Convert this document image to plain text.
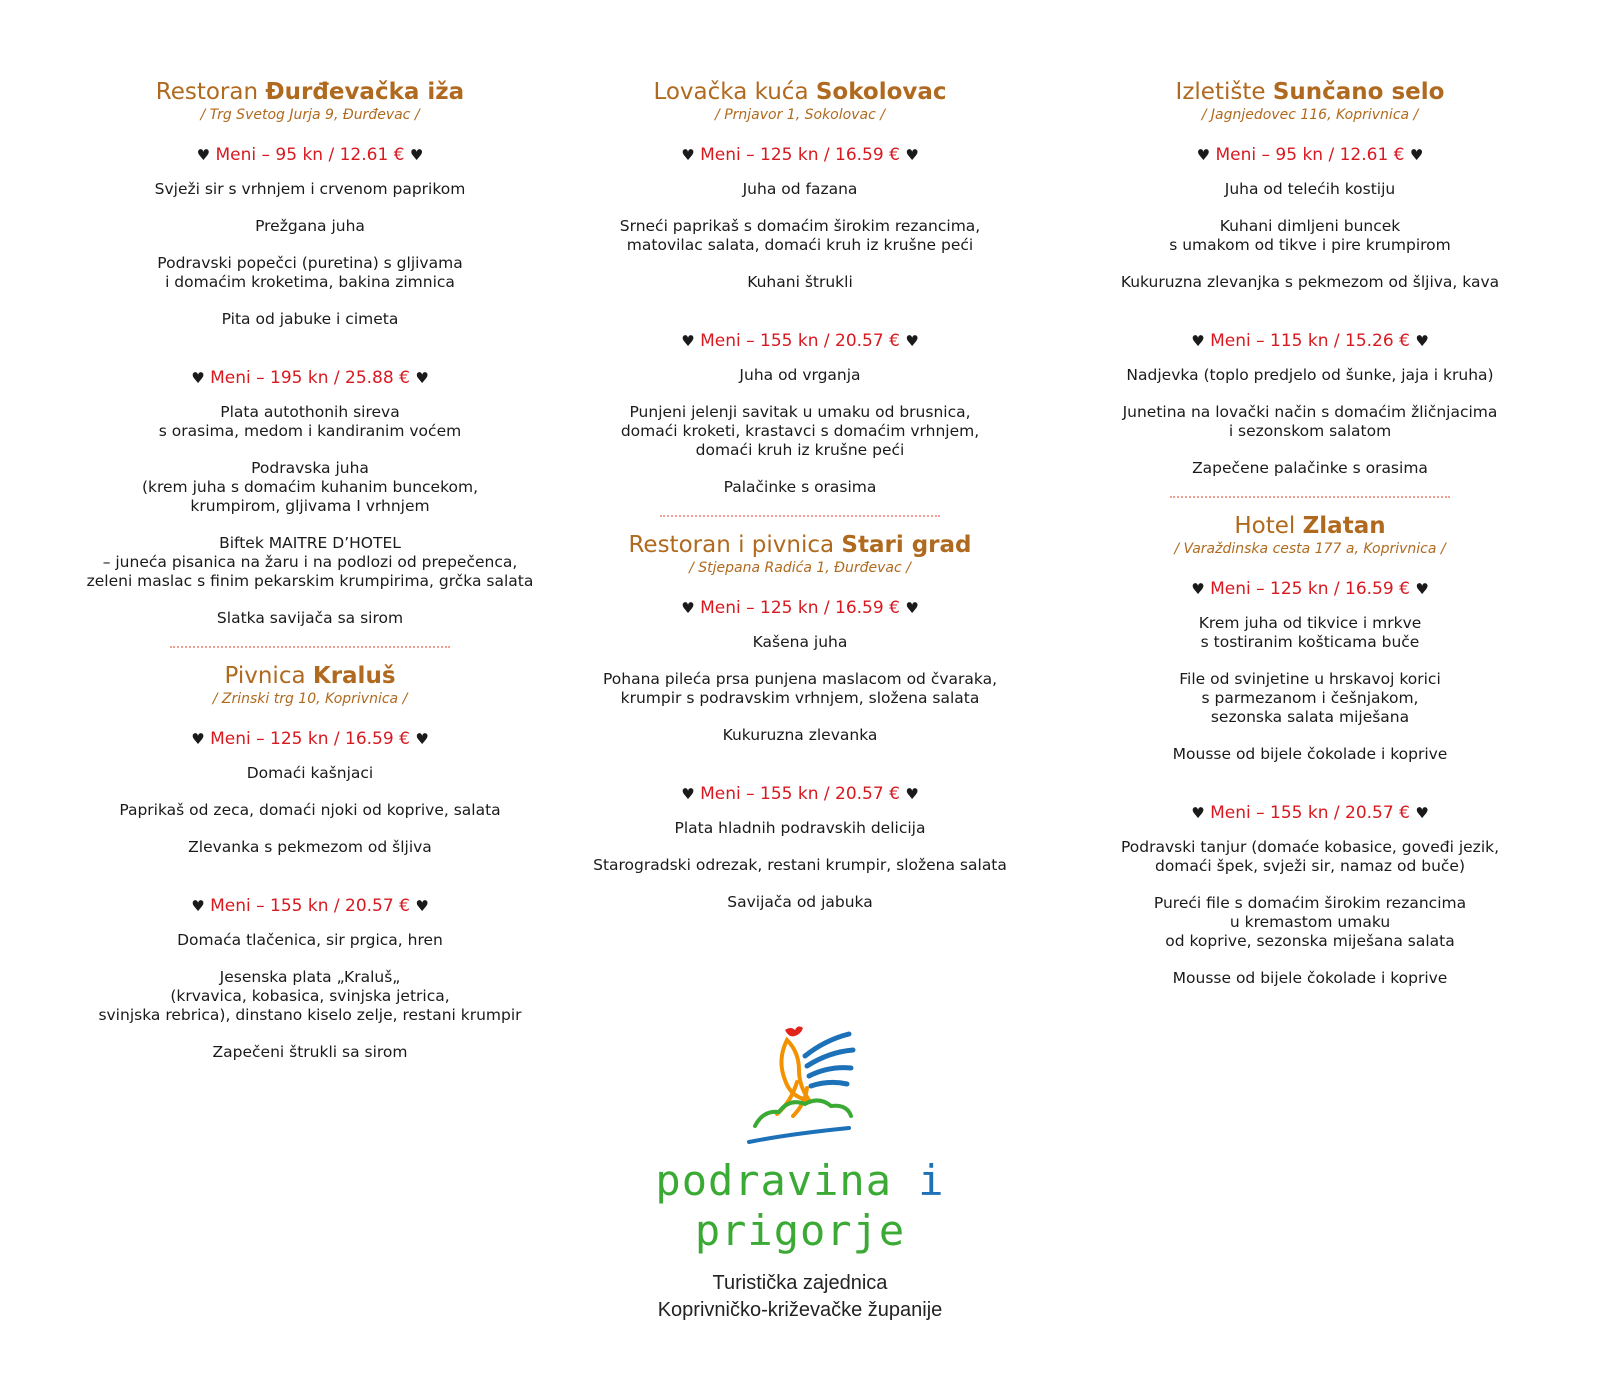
Restoran Đurđevačka iža
/ Trg Svetog Jurja 9, Đurđevac /
♥ Meni – 95 kn / 12.61 € ♥
Svježi sir s vrhnjem i crvenom paprikom
Prežgana juha
Podravski popečci (puretina) s gljivama
i domaćim kroketima, bakina zimnica
Pita od jabuke i cimeta
♥ Meni – 195 kn / 25.88 € ♥
Plata autothonih sireva
s orasima, medom i kandiranim voćem
Podravska juha
(krem juha s domaćim kuhanim buncekom,
krumpirom, gljivama I vrhnjem
Biftek MAITRE D’HOTEL
– juneća pisanica na žaru i na podlozi od prepečenca,
zeleni maslac s finim pekarskim krumpirima, grčka salata
Slatka savijača sa sirom
Pivnica Kraluš
/ Zrinski trg 10, Koprivnica /
♥ Meni – 125 kn / 16.59 € ♥
Domaći kašnjaci
Paprikaš od zeca, domaći njoki od koprive, salata
Zlevanka s pekmezom od šljiva
♥ Meni – 155 kn / 20.57 € ♥
Domaća tlačenica, sir prgica, hren
Jesenska plata „Kraluš„
(krvavica, kobasica, svinjska jetrica,
svinjska rebrica), dinstano kiselo zelje, restani krumpir
Zapečeni štrukli sa sirom
Lovačka kuća Sokolovac
/ Prnjavor 1, Sokolovac /
♥ Meni – 125 kn / 16.59 € ♥
Juha od fazana
Srneći paprikaš s domaćim širokim rezancima,
matovilac salata, domaći kruh iz krušne peći
Kuhani štrukli
♥ Meni – 155 kn / 20.57 € ♥
Juha od vrganja
Punjeni jelenji savitak u umaku od brusnica,
domaći kroketi, krastavci s domaćim vrhnjem,
domaći kruh iz krušne peći
Palačinke s orasima
Restoran i pivnica Stari grad
/ Stjepana Radića 1, Đurđevac /
♥ Meni – 125 kn / 16.59 € ♥
Kašena juha
Pohana pileća prsa punjena maslacom od čvaraka,
krumpir s podravskim vrhnjem, složena salata
Kukuruzna zlevanka
♥ Meni – 155 kn / 20.57 € ♥
Plata hladnih podravskih delicija
Starogradski odrezak, restani krumpir, složena salata
Savijača od jabuka
Izletište Sunčano selo
/ Jagnjedovec 116, Koprivnica /
♥ Meni – 95 kn / 12.61 € ♥
Juha od telećih kostiju
Kuhani dimljeni buncek
s umakom od tikve i pire krumpirom
Kukuruzna zlevanjka s pekmezom od šljiva, kava
♥ Meni – 115 kn / 15.26 € ♥
Nadjevka (toplo predjelo od šunke, jaja i kruha)
Junetina na lovački način s domaćim žličnjacima
i sezonskom salatom
Zapečene palačinke s orasima
Hotel Zlatan
/ Varaždinska cesta 177 a, Koprivnica /
♥ Meni – 125 kn / 16.59 € ♥
Krem juha od tikvice i mrkve
s tostiranim košticama buče
File od svinjetine u hrskavoj korici
s parmezanom i češnjakom,
sezonska salata miješana
Mousse od bijele čokolade i koprive
♥ Meni – 155 kn / 20.57 € ♥
Podravski tanjur (domaće kobasice, goveđi jezik,
domaći špek, svježi sir, namaz od buče)
Pureći file s domaćim širokim rezancima
u kremastom umaku
od koprive, sezonska miješana salata
Mousse od bijele čokolade i koprive
podravina i prigorje
Turistička zajednica
Koprivničko-križevačke županije
